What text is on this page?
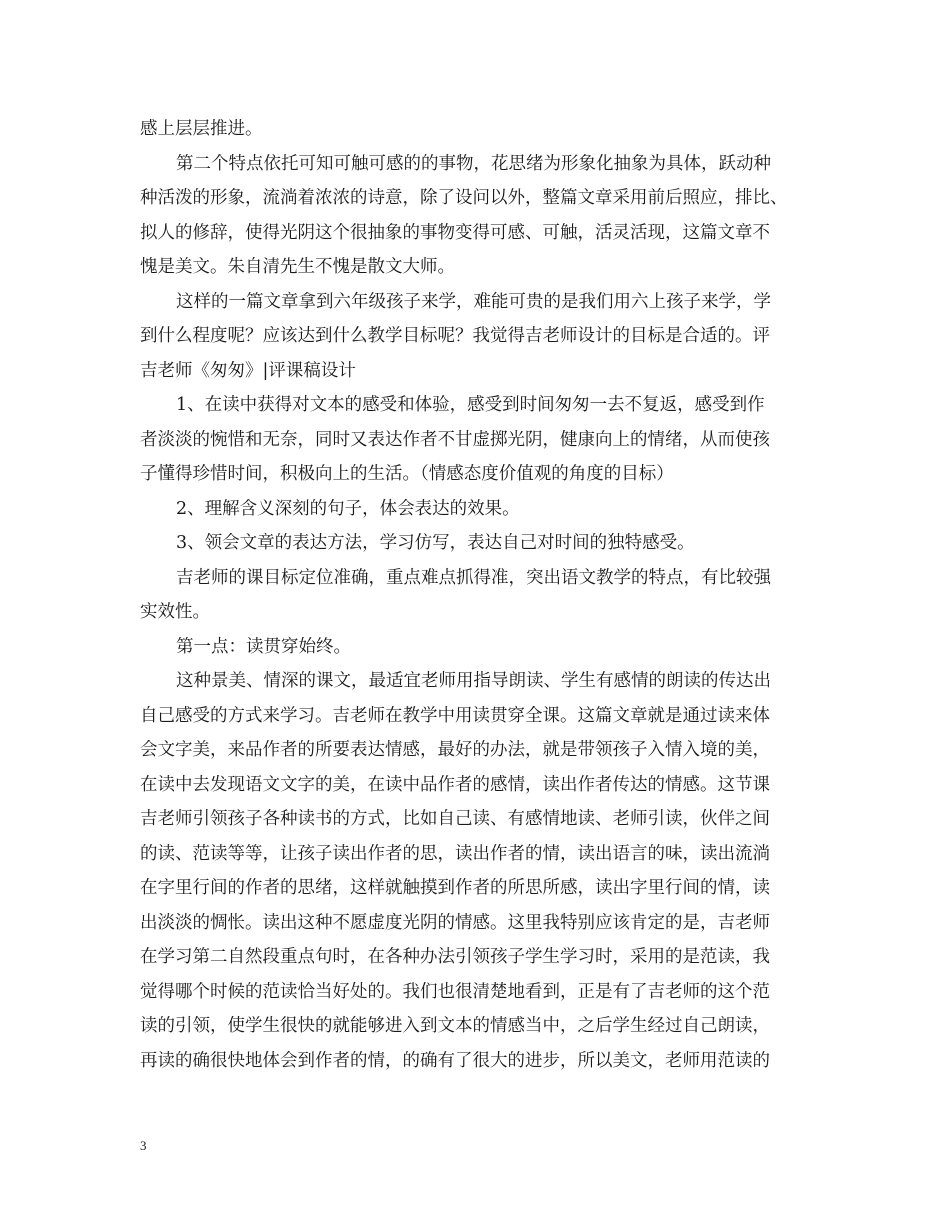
感上层层推进。
第二个特点依托可知可触可感的的事物，花思绪为形象化抽象为具体，跃动种
种活泼的形象，流淌着浓浓的诗意，除了设问以外，整篇文章采用前后照应，排比、
拟人的修辞，使得光阴这个很抽象的事物变得可感、可触，活灵活现，这篇文章不
愧是美文。朱自清先生不愧是散文大师。
这样的一篇文章拿到六年级孩子来学，难能可贵的是我们用六上孩子来学，学
到什么程度呢？应该达到什么教学目标呢？我觉得吉老师设计的目标是合适的。评
吉老师《匆匆》|评课稿设计
1、在读中获得对文本的感受和体验，感受到时间匆匆一去不复返，感受到作
者淡淡的惋惜和无奈，同时又表达作者不甘虚掷光阴，健康向上的情绪，从而使孩
子懂得珍惜时间，积极向上的生活。（情感态度价值观的角度的目标）
2、理解含义深刻的句子，体会表达的效果。
3、领会文章的表达方法，学习仿写，表达自己对时间的独特感受。
吉老师的课目标定位准确，重点难点抓得准，突出语文教学的特点，有比较强
实效性。
第一点：读贯穿始终。
这种景美、情深的课文，最适宜老师用指导朗读、学生有感情的朗读的传达出
自己感受的方式来学习。吉老师在教学中用读贯穿全课。这篇文章就是通过读来体
会文字美，来品作者的所要表达情感，最好的办法，就是带领孩子入情入境的美，
在读中去发现语文文字的美，在读中品作者的感情，读出作者传达的情感。这节课
吉老师引领孩子各种读书的方式，比如自己读、有感情地读、老师引读，伙伴之间
的读、范读等等，让孩子读出作者的思，读出作者的情，读出语言的味，读出流淌
在字里行间的作者的思绪，这样就触摸到作者的所思所感，读出字里行间的情，读
出淡淡的惆怅。读出这种不愿虚度光阴的情感。这里我特别应该肯定的是，吉老师
在学习第二自然段重点句时，在各种办法引领孩子学生学习时，采用的是范读，我
觉得哪个时候的范读恰当好处的。我们也很清楚地看到，正是有了吉老师的这个范
读的引领，使学生很快的就能够进入到文本的情感当中，之后学生经过自己朗读，
再读的确很快地体会到作者的情，的确有了很大的进步，所以美文，老师用范读的
3
